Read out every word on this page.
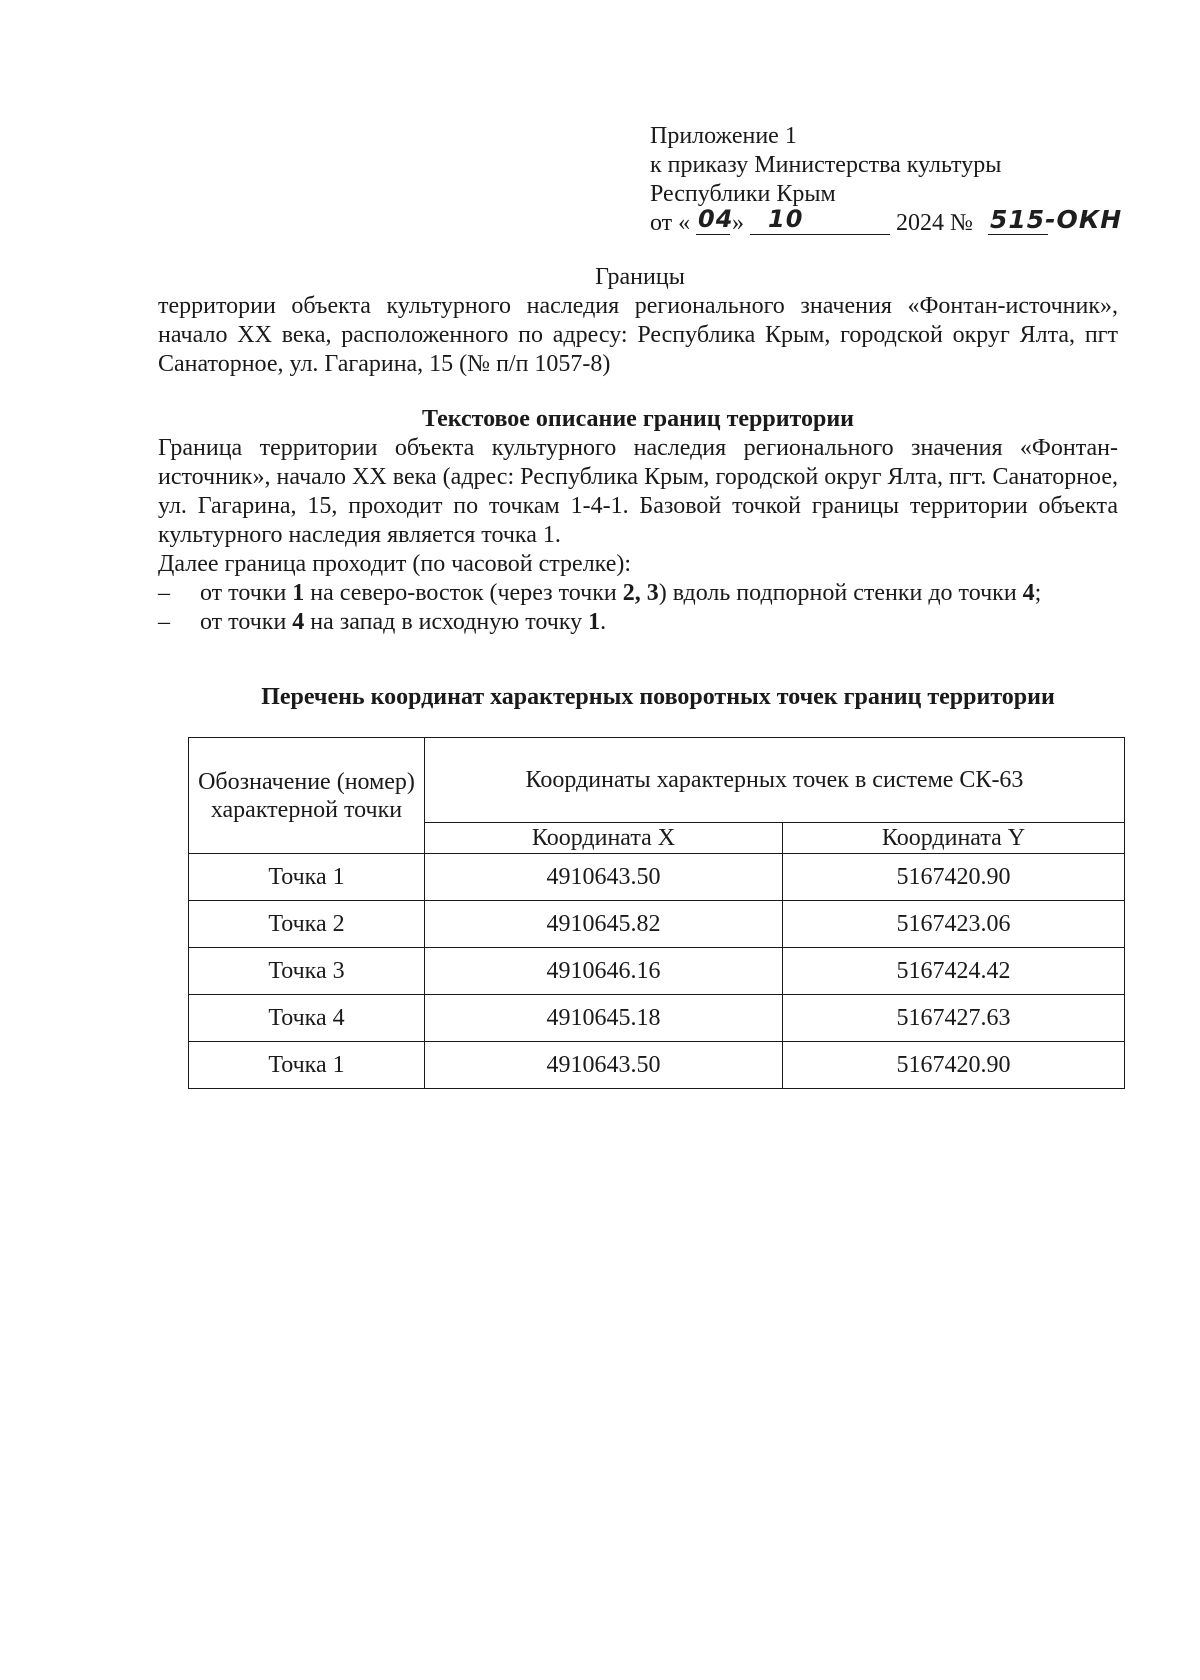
Приложение 1
к приказу Министерства культуры
Республики Крым
от « 04
» 10	2024 № 515-ОКН
Границы
территории объекта культурного наследия регионального значения «Фонтан-источник», начало XX века, расположенного по адресу: Республика Крым, городской округ Ялта, пгт Санаторное, ул. Гагарина, 15 (№ п/п 1057-8)
Текстовое описание границ территории
Граница территории объекта культурного наследия регионального значения «Фонтан-источник», начало XX века (адрес: Республика Крым, городской округ Ялта, пгт. Санаторное, ул. Гагарина, 15, проходит по точкам 1-4-1. Базовой точкой границы территории объекта культурного наследия является точка 1.
Далее граница проходит (по часовой стрелке):
– от точки 1 на северо-восток (через точки 2, 3) вдоль подпорной стенки до точки 4;
– от точки 4 на запад в исходную точку 1.
Перечень координат характерных поворотных точек границ территории
Обозначение (номер) характерной точки	Координаты характерных точек в системе СК-63	
	Координата X	Координата Y
Точка 1	4910643.50	5167420.90
Точка 2	4910645.82	5167423.06
Точка 3	4910646.16	5167424.42
Точка 4	4910645.18	5167427.63
Точка 1	4910643.50	5167420.90
